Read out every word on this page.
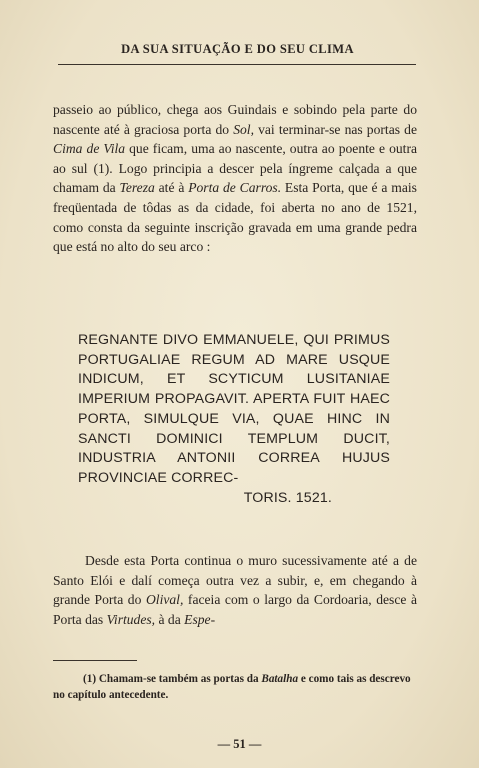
DA SUA SITUAÇÃO E DO SEU CLIMA

passeio ao público, chega aos Guindais e sobindo pela parte do nascente até à graciosa porta do Sol, vai terminar-se nas portas de Cima de Vila que ficam, uma ao nascente, outra ao poente e outra ao sul (1). Logo principia a descer pela íngreme calçada a que chamam da Tereza até à Porta de Carros. Esta Porta, que é a mais freqüentada de tôdas as da cidade, foi aberta no ano de 1521, como consta da seguinte inscrição gravada em uma grande pedra que está no alto do seu arco :

REGNANTE DIVO EMMANUELE, QUI PRIMUS PORTUGALIAE REGUM AD MARE USQUE INDICUM, ET SCYTICUM LUSITANIAE IMPERIUM PROPAGAVIT. APERTA FUIT HAEC PORTA, SIMULQUE VIA, QUAE HINC IN SANCTI DOMINICI TEMPLUM DUCIT, INDUSTRIA ANTONII CORREA HUJUS PROVINCIAE CORREC-
TORIS. 1521.
Desde esta Porta continua o muro sucessivamente até a de Santo Elói e dalí começa outra vez a subir, e, em chegando à grande Porta do Olival, faceia com o largo da Cordoaria, desce à Porta das Virtudes, à da Espe-
(1) Chamam-se também as portas da Batalha e como tais as descrevo no capítulo antecedente.
— 51 —
